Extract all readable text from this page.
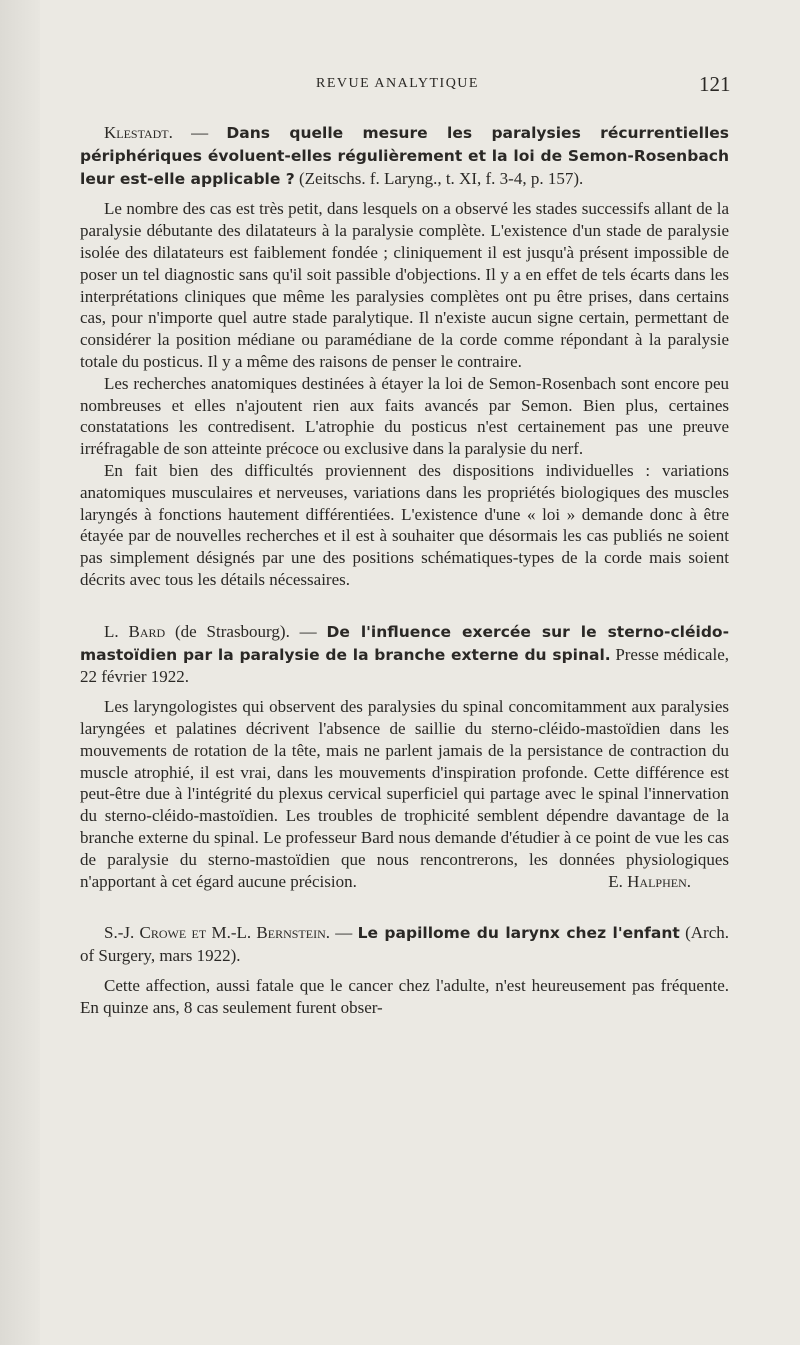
REVUE ANALYTIQUE	121

Klestadt. — Dans quelle mesure les paralysies récurrentielles périphériques évoluent-elles régulièrement et la loi de Semon-Rosenbach leur est-elle applicable ? (Zeitschs. f. Laryng., t. XI, f. 3-4, p. 157).

Le nombre des cas est très petit, dans lesquels on a observé les stades successifs allant de la paralysie débutante des dilatateurs à la paralysie complète. L'existence d'un stade de paralysie isolée des dilatateurs est faiblement fondée ; cliniquement il est jusqu'à présent impossible de poser un tel diagnostic sans qu'il soit passible d'objections. Il y a en effet de tels écarts dans les interprétations cliniques que même les paralysies complètes ont pu être prises, dans certains cas, pour n'importe quel autre stade paralytique. Il n'existe aucun signe certain, permettant de considérer la position médiane ou paramédiane de la corde comme répondant à la paralysie totale du posticus. Il y a même des raisons de penser le contraire.

Les recherches anatomiques destinées à étayer la loi de Semon-Rosenbach sont encore peu nombreuses et elles n'ajoutent rien aux faits avancés par Semon. Bien plus, certaines constatations les contredisent. L'atrophie du posticus n'est certainement pas une preuve irréfragable de son atteinte précoce ou exclusive dans la paralysie du nerf.

En fait bien des difficultés proviennent des dispositions individuelles : variations anatomiques musculaires et nerveuses, variations dans les propriétés biologiques des muscles laryngés à fonctions hautement différentiées. L'existence d'une « loi » demande donc à être étayée par de nouvelles recherches et il est à souhaiter que désormais les cas publiés ne soient pas simplement désignés par une des positions schématiques-types de la corde mais soient décrits avec tous les détails nécessaires.

L. Bard (de Strasbourg). — De l'influence exercée sur le sterno-cléido-mastoïdien par la paralysie de la branche externe du spinal. Presse médicale, 22 février 1922.

Les laryngologistes qui observent des paralysies du spinal concomitamment aux paralysies laryngées et palatines décrivent l'absence de saillie du sterno-cléido-mastoïdien dans les mouvements de rotation de la tête, mais ne parlent jamais de la persistance de contraction du muscle atrophié, il est vrai, dans les mouvements d'inspiration profonde. Cette différence est peut-être due à l'intégrité du plexus cervical superficiel qui partage avec le spinal l'innervation du sterno-cléido-mastoïdien. Les troubles de trophicité semblent dépendre davantage de la branche externe du spinal. Le professeur Bard nous demande d'étudier à ce point de vue les cas de paralysie du sterno-mastoïdien que nous rencontrerons, les données physiologiques n'apportant à cet égard aucune précision.	E. Halphen.

S.-J. Crowe et M.-L. Bernstein. — Le papillome du larynx chez l'enfant (Arch. of Surgery, mars 1922).

Cette affection, aussi fatale que le cancer chez l'adulte, n'est heureusement pas fréquente. En quinze ans, 8 cas seulement furent obser-
